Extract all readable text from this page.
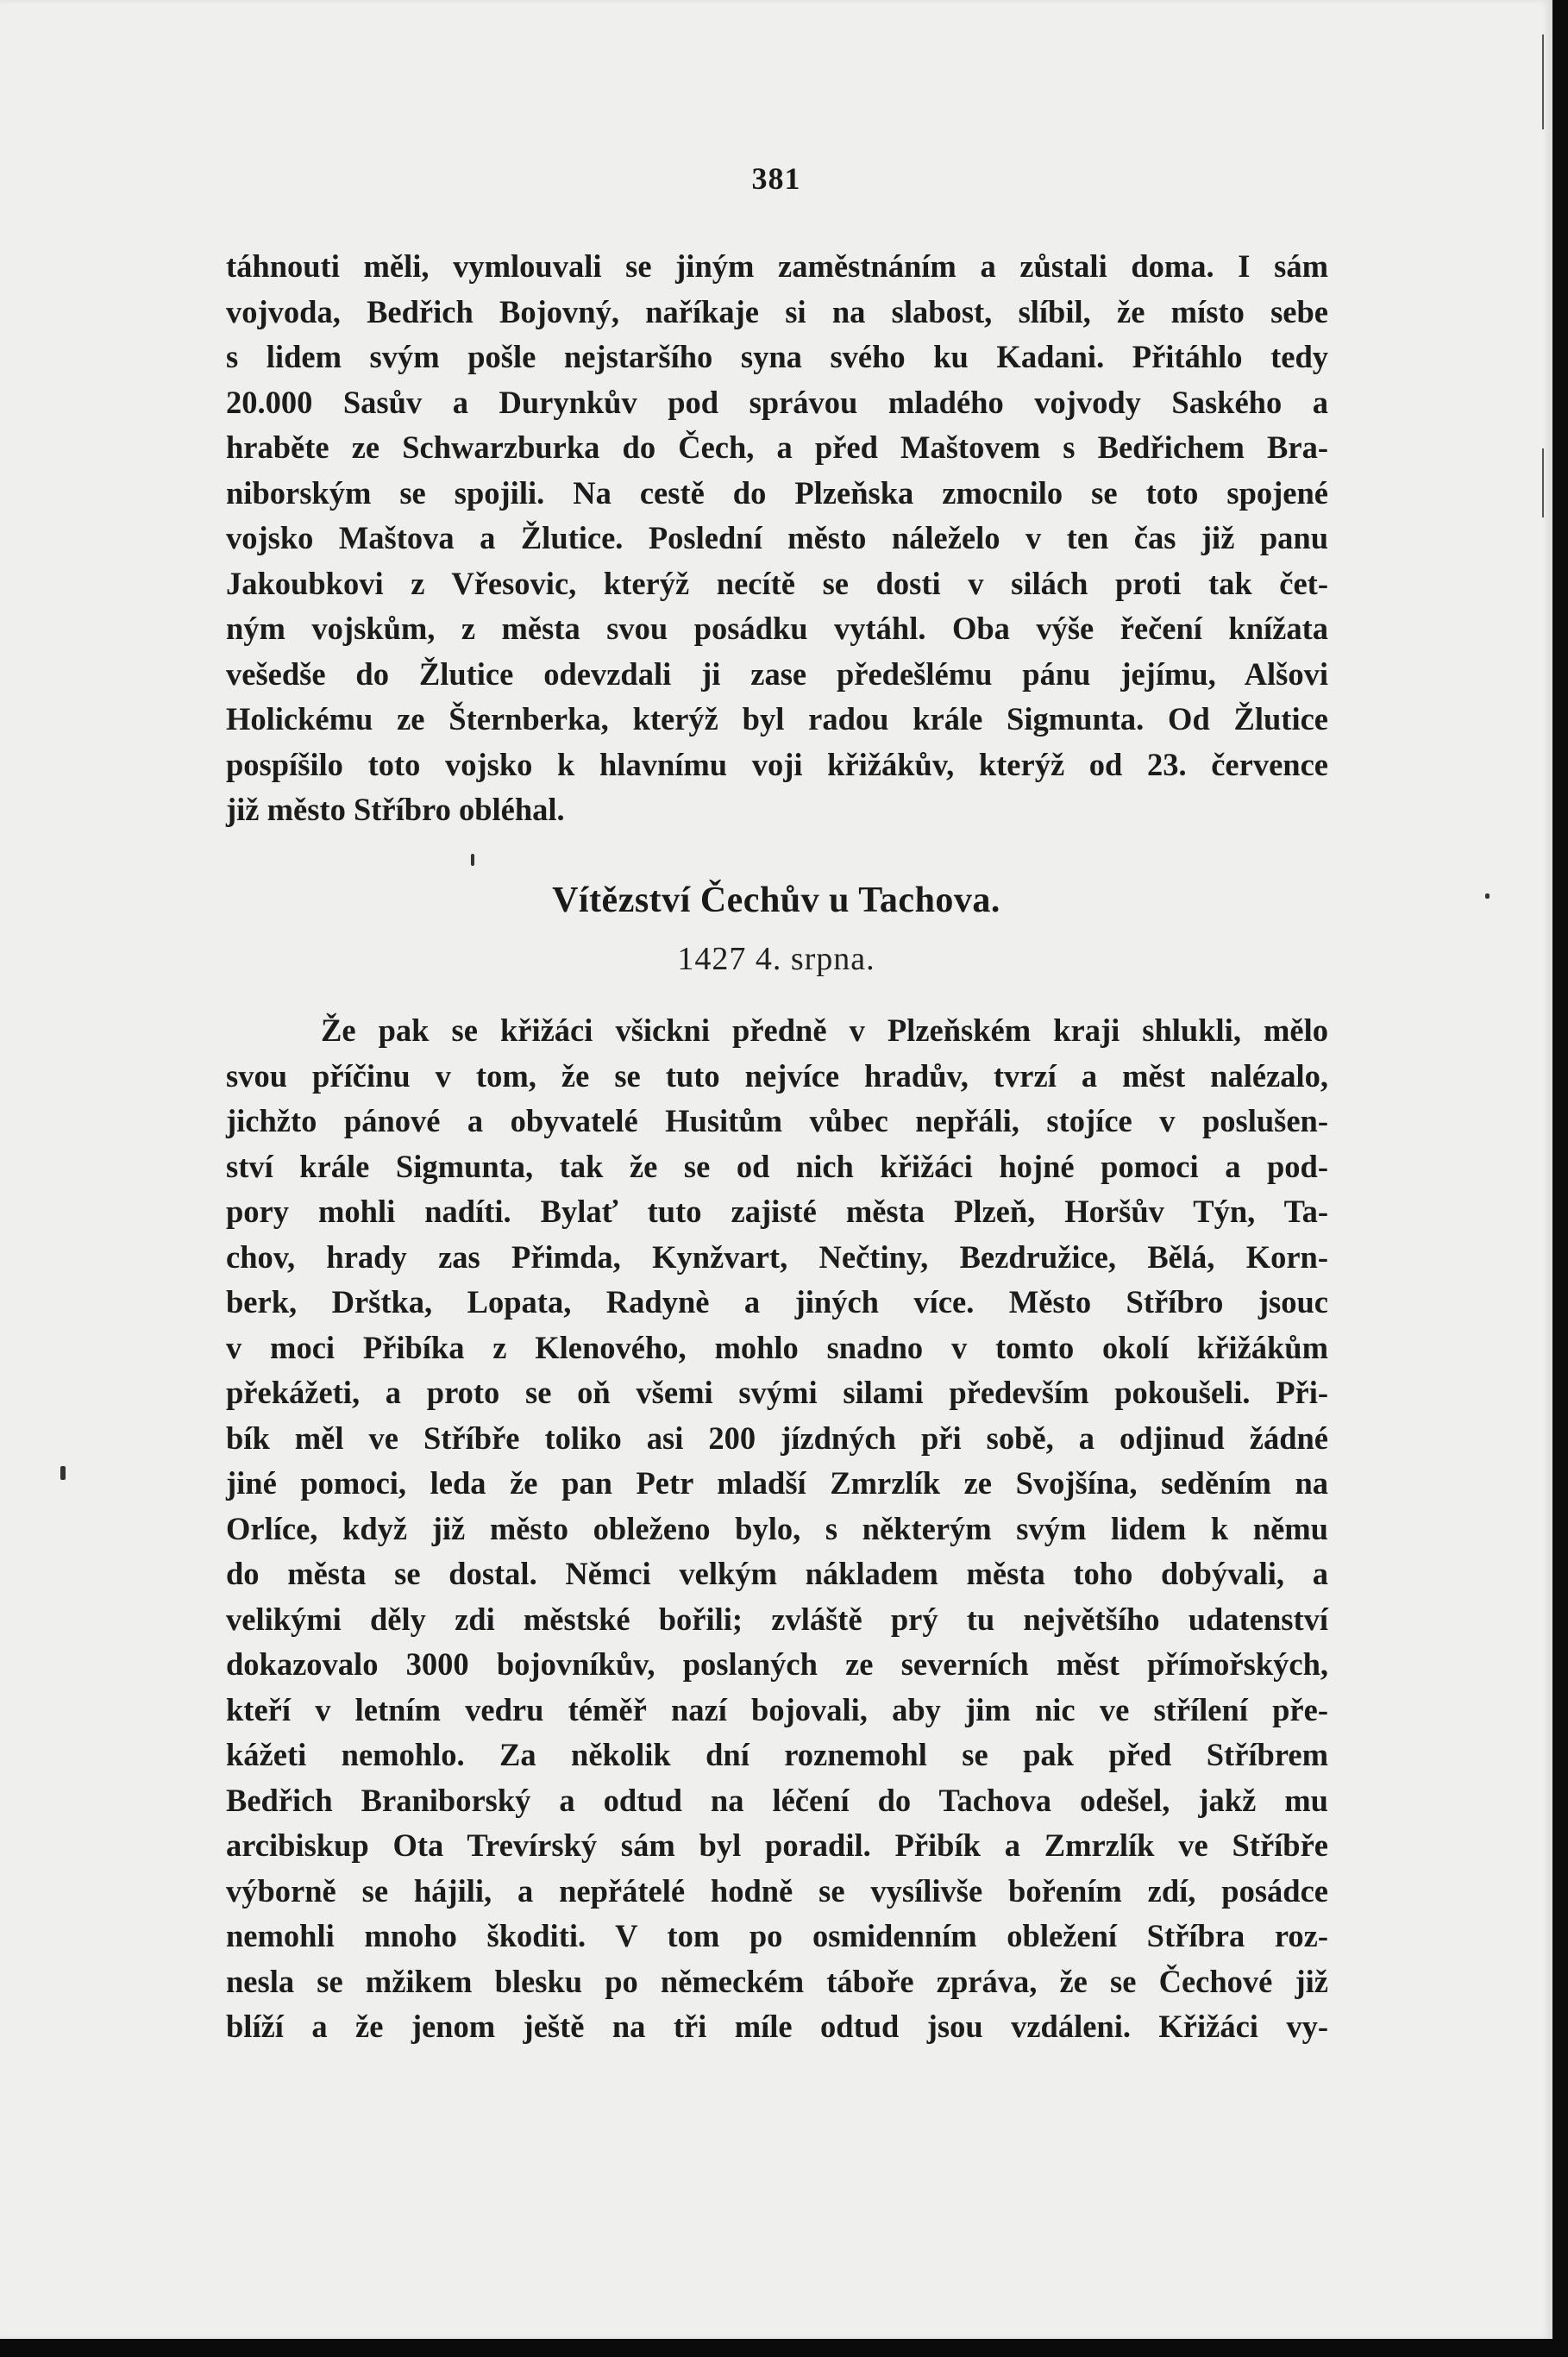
381
táhnouti měli, vymlouvali se jiným zaměstnáním a zůstali doma. I sám
vojvoda, Bedřich Bojovný, naříkaje si na slabost, slíbil, že místo sebe
s lidem svým pošle nejstaršího syna svého ku Kadani. Přitáhlo tedy
20.000 Sasův a Durynkův pod správou mladého vojvody Saského a
hraběte ze Schwarzburka do Čech, a před Maštovem s Bedřichem Bra-
niborským se spojili. Na cestě do Plzeňska zmocnilo se toto spojené
vojsko Maštova a Žlutice. Poslední město náleželo v ten čas již panu
Jakoubkovi z Vřesovic, kterýž necítě se dosti v silách proti tak čet-
ným vojskům, z města svou posádku vytáhl. Oba výše řečení knížata
vešedše do Žlutice odevzdali ji zase předešlému pánu jejímu, Alšovi
Holickému ze Šternberka, kterýž byl radou krále Sigmunta. Od Žlutice
pospíšilo toto vojsko k hlavnímu voji křižákův, kterýž od 23. července
již město Stříbro obléhal.
Vítězství Čechův u Tachova.
1427 4. srpna.
Že pak se křižáci všickni předně v Plzeňském kraji shlukli, mělo
svou příčinu v tom, že se tuto nejvíce hradův, tvrzí a měst nalézalo,
jichžto pánové a obyvatelé Husitům vůbec nepřáli, stojíce v poslušen-
ství krále Sigmunta, tak že se od nich křižáci hojné pomoci a pod-
pory mohli nadíti. Bylať tuto zajisté města Plzeň, Horšův Týn, Ta-
chov, hrady zas Přimda, Kynžvart, Nečtiny, Bezdružice, Bělá, Korn-
berk, Drštka, Lopata, Radynè a jiných více. Město Stříbro jsouc
v moci Přibíka z Klenového, mohlo snadno v tomto okolí křižákům
překážeti, a proto se oň všemi svými silami především pokoušeli. Při-
bík měl ve Stříbře toliko asi 200 jízdných při sobě, a odjinud žádné
jiné pomoci, leda že pan Petr mladší Zmrzlík ze Svojšína, seděním na
Orlíce, když již město obleženo bylo, s některým svým lidem k němu
do města se dostal. Němci velkým nákladem města toho dobývali, a
velikými děly zdi městské bořili; zvláště prý tu největšího udatenství
dokazovalo 3000 bojovníkův, poslaných ze severních měst přímořských,
kteří v letním vedru téměř nazí bojovali, aby jim nic ve střílení pře-
kážeti nemohlo. Za několik dní roznemohl se pak před Stříbrem
Bedřich Braniborský a odtud na léčení do Tachova odešel, jakž mu
arcibiskup Ota Trevírský sám byl poradil. Přibík a Zmrzlík ve Stříbře
výborně se hájili, a nepřátelé hodně se vysílivše bořením zdí, posádce
nemohli mnoho škoditi. V tom po osmidenním obležení Stříbra roz-
nesla se mžikem blesku po německém táboře zpráva, že se Čechové již
blíží a že jenom ještě na tři míle odtud jsou vzdáleni. Křižáci vy-
